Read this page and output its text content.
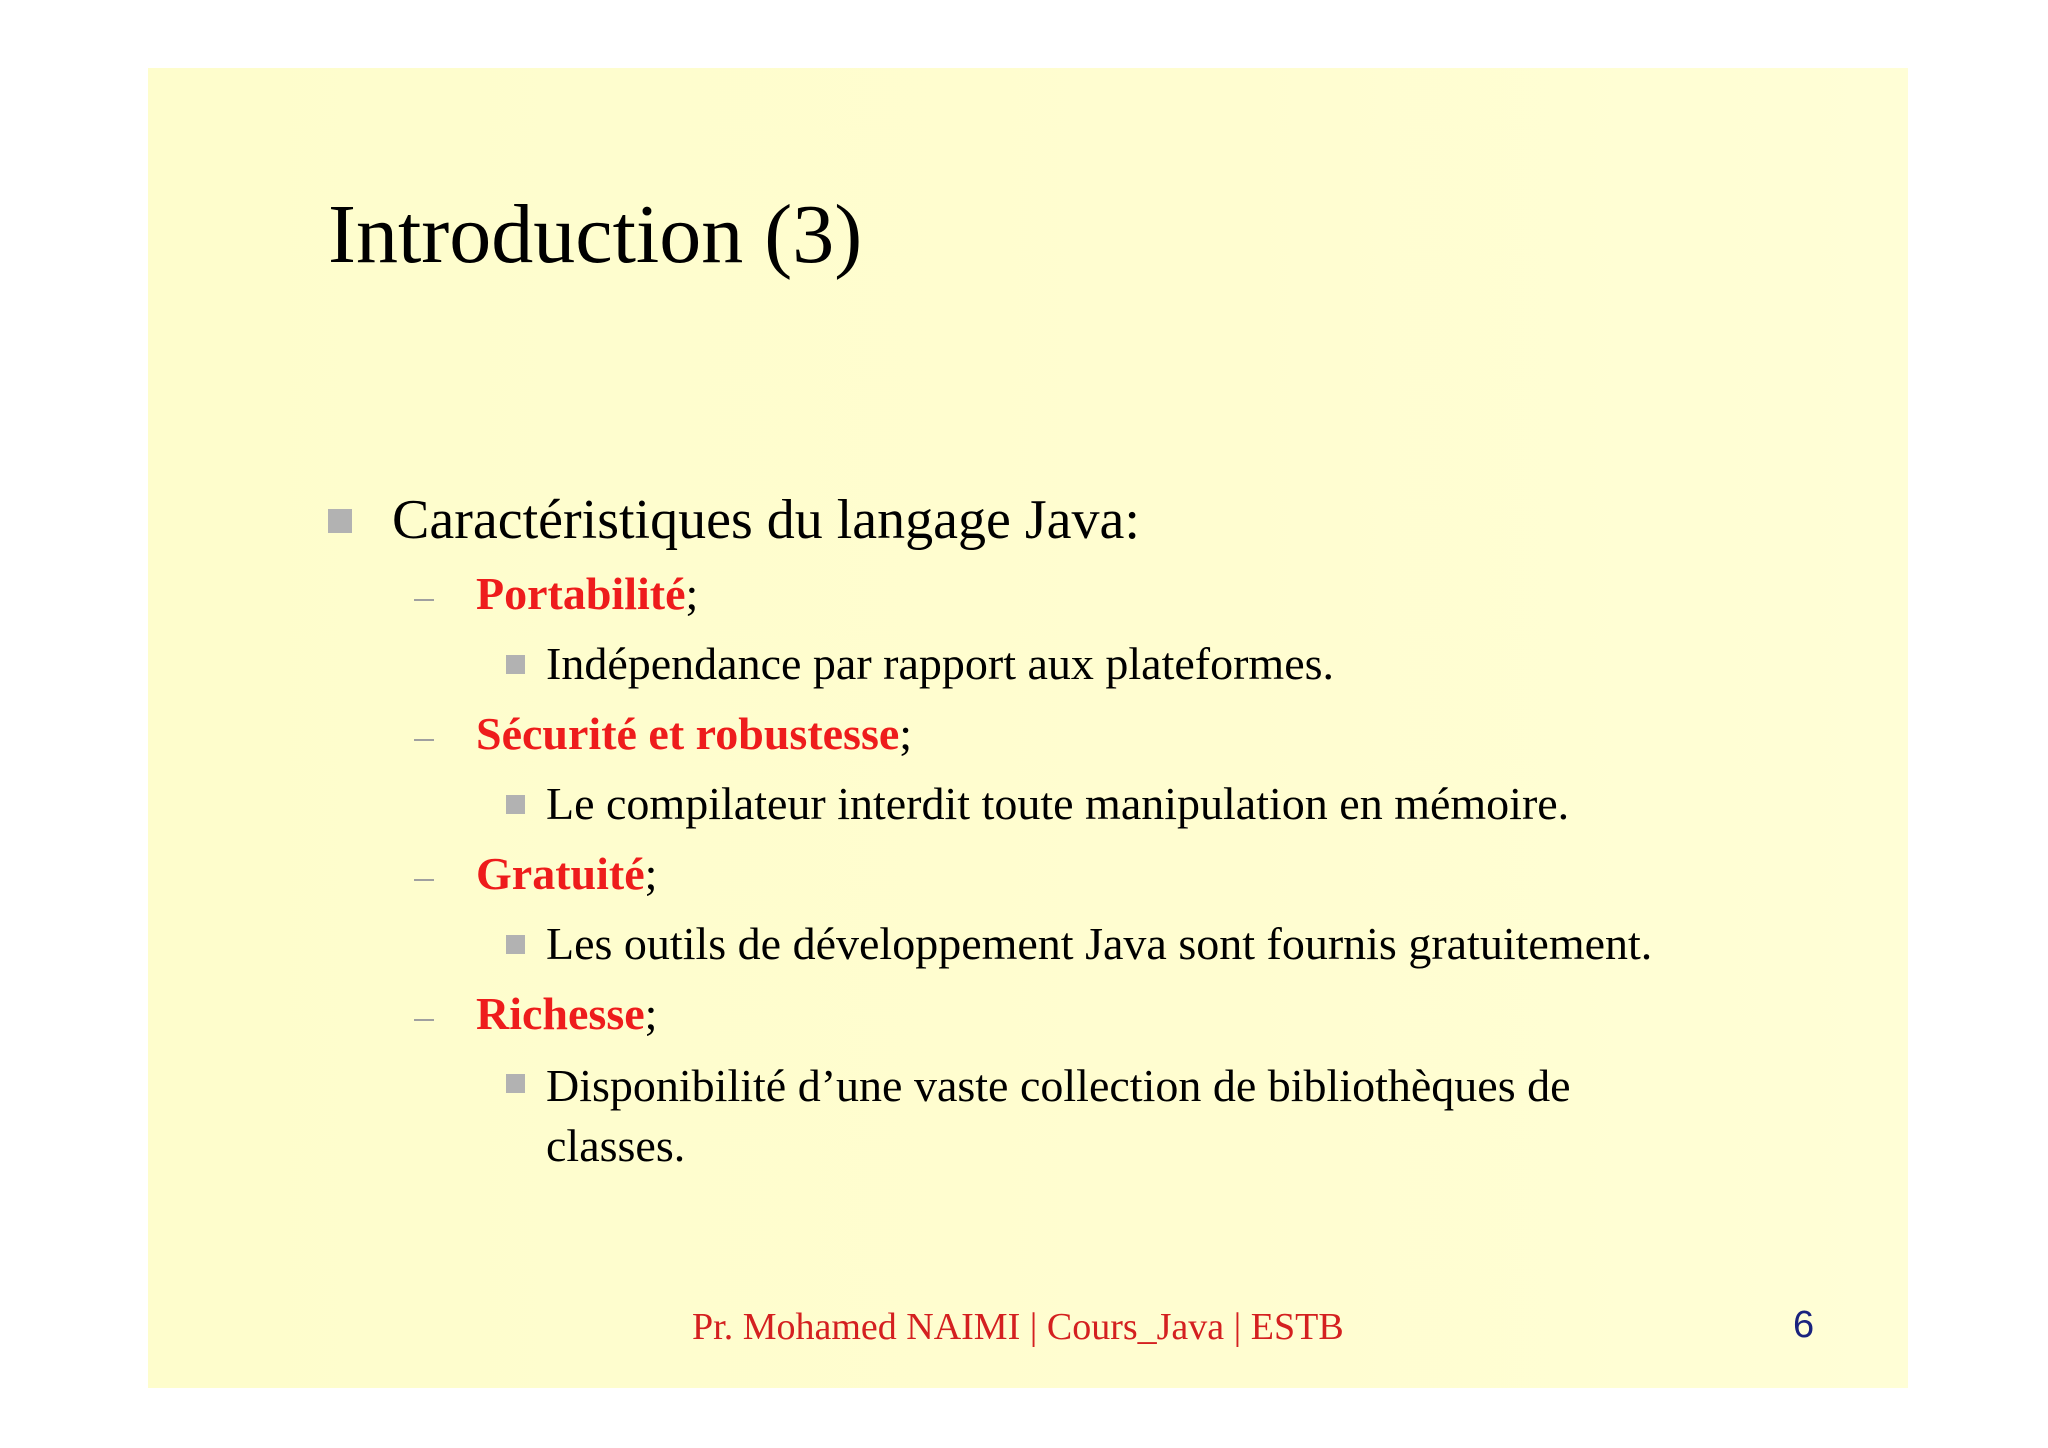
Introduction (3)
Caractéristiques du langage Java:
Portabilité;
Indépendance par rapport aux plateformes.
Sécurité et robustesse;
Le compilateur interdit toute manipulation en mémoire.
Gratuité;
Les outils de développement Java sont fournis gratuitement.
Richesse;
Disponibilité d’une vaste collection de bibliothèques de classes.
Pr. Mohamed NAIMI | Cours_Java | ESTB	6
